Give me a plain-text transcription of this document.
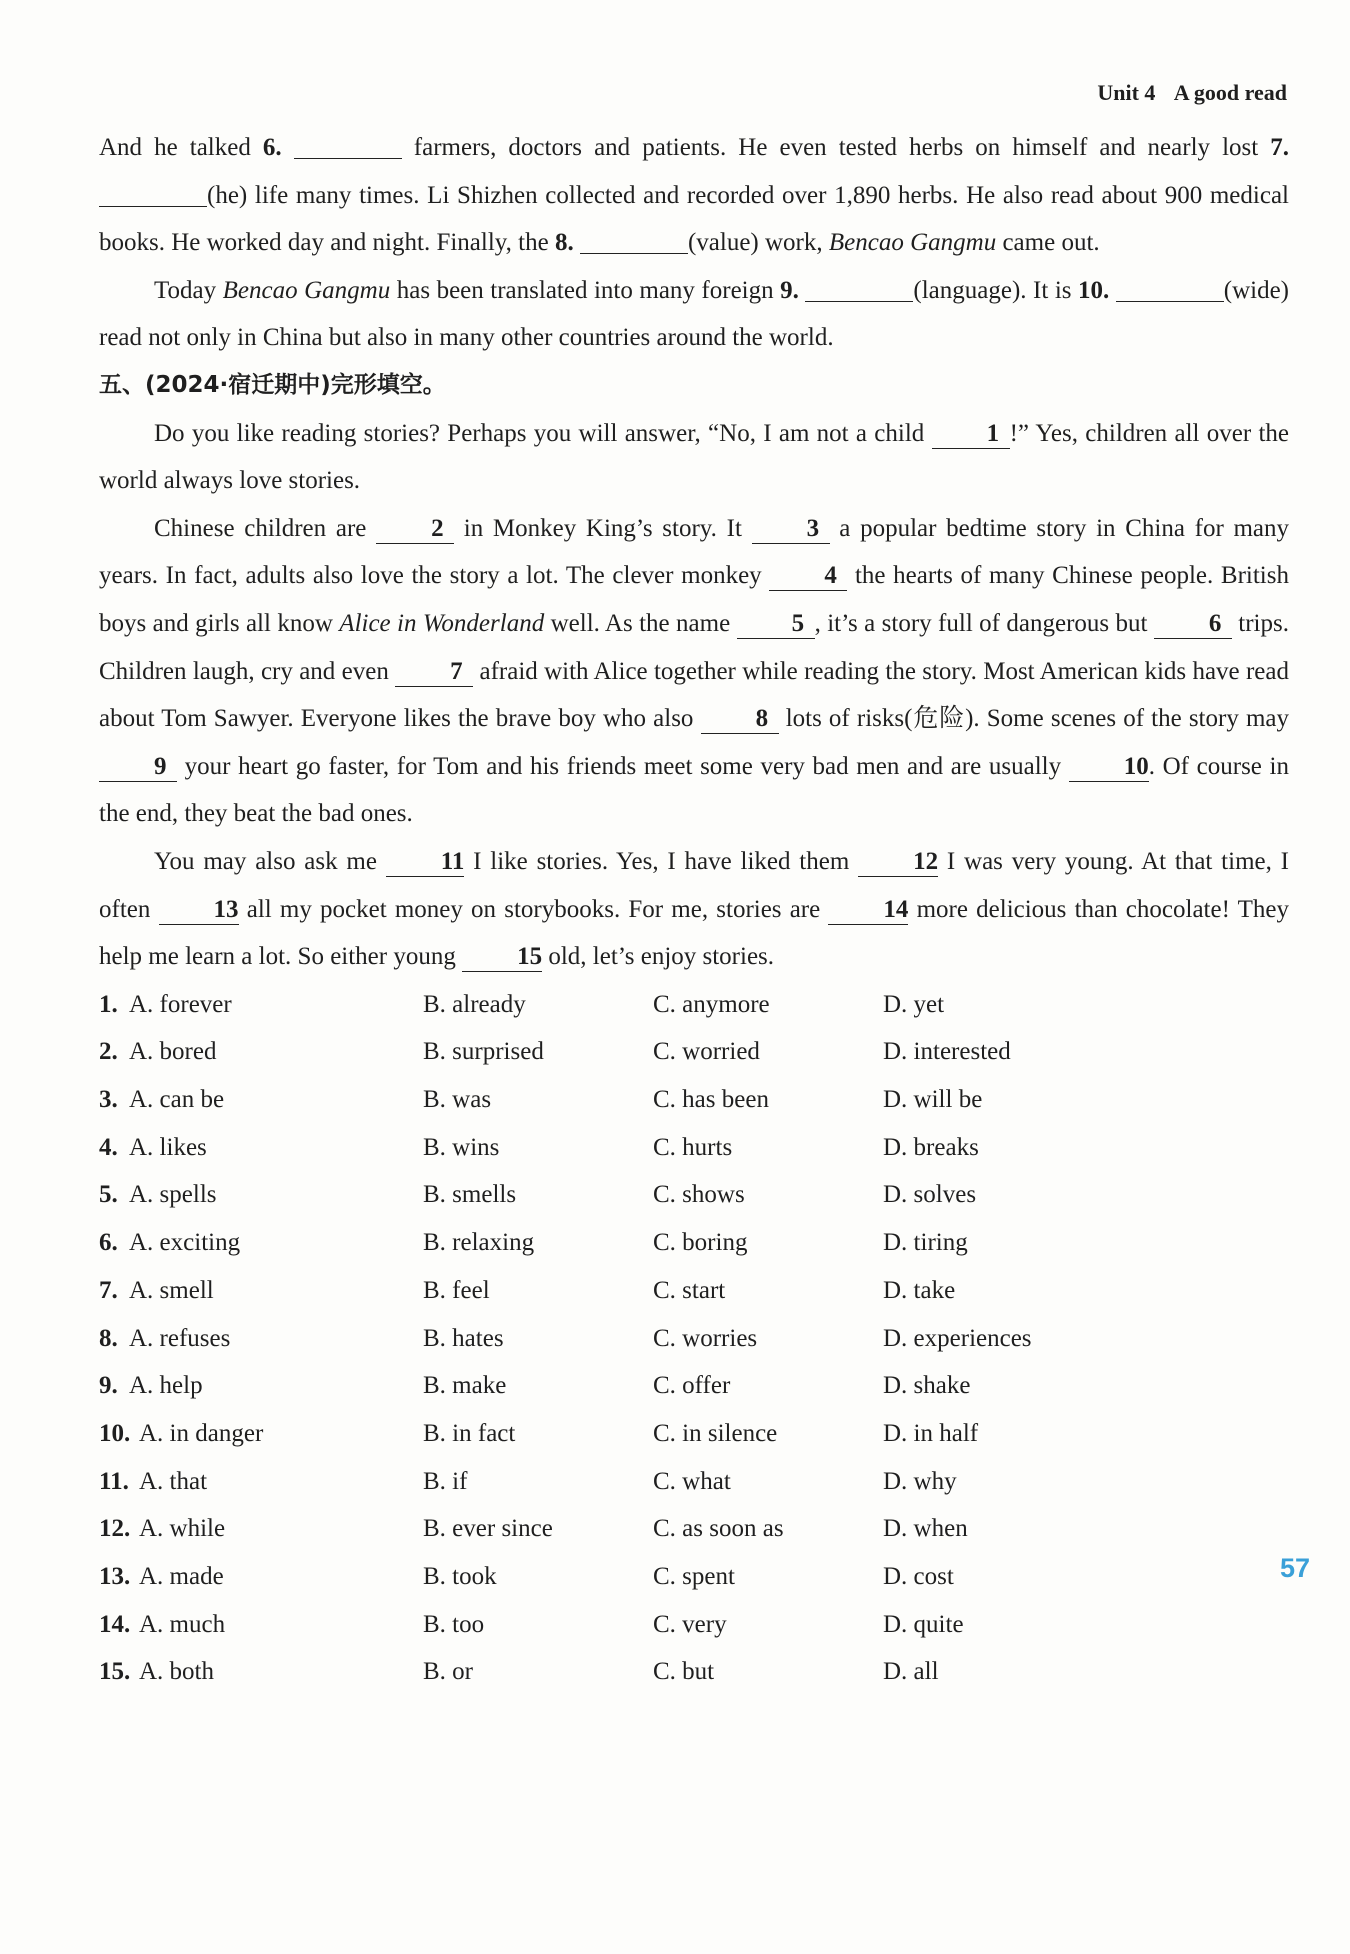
Unit 4 A good read
And he talked 6.	farmers, doctors and patients. He even tested herbs on himself and nearly lost 7. (he) life many times. Li Shizhen collected and recorded over 1,890 herbs. He also read about 900 medical books. He worked day and night. Finally, the 8.	(value) work, Bencao Gangmu came out.
Today Bencao Gangmu has been translated into many foreign 9.	(language). It is 10.	(wide) read not only in China but also in many other countries around the world.
五、(2024·宿迁期中)完形填空。
Do you like reading stories? Perhaps you will answer, “No, I am not a child 1 !” Yes, children all over the world always love stories.
Chinese children are 2 in Monkey King’s story. It 3 a popular bedtime story in China for many years. In fact, adults also love the story a lot. The clever monkey 4 the hearts of many Chinese people. British boys and girls all know Alice in Wonderland well. As the name 5 , it’s a story full of dangerous but 6 trips. Children laugh, cry and even 7 afraid with Alice together while reading the story. Most American kids have read about Tom Sawyer. Everyone likes the brave boy who also 8 lots of risks(危险). Some scenes of the story may 9 your heart go faster, for Tom and his friends meet some very bad men and are usually 10. Of course in the end, they beat the bad ones.
You may also ask me 11 I like stories. Yes, I have liked them 12 I was very young. At that time, I often 13 all my pocket money on storybooks. For me, stories are 14 more delicious than chocolate! They help me learn a lot. So either young 15 old, let’s enjoy stories.
1. A. forever	B. already	C. anymore	D. yet
2. A. bored	B. surprised	C. worried	D. interested
3. A. can be	B. was	C. has been	D. will be
4. A. likes	B. wins	C. hurts	D. breaks
5. A. spells	B. smells	C. shows	D. solves
6. A. exciting	B. relaxing	C. boring	D. tiring
7. A. smell	B. feel	C. start	D. take
8. A. refuses	B. hates	C. worries	D. experiences
9. A. help	B. make	C. offer	D. shake
10. A. in danger	B. in fact	C. in silence	D. in half
11. A. that	B. if	C. what	D. why
12. A. while	B. ever since	C. as soon as	D. when
13. A. made	B. took	C. spent	D. cost
14. A. much	B. too	C. very	D. quite
15. A. both	B. or	C. but	D. all
57
